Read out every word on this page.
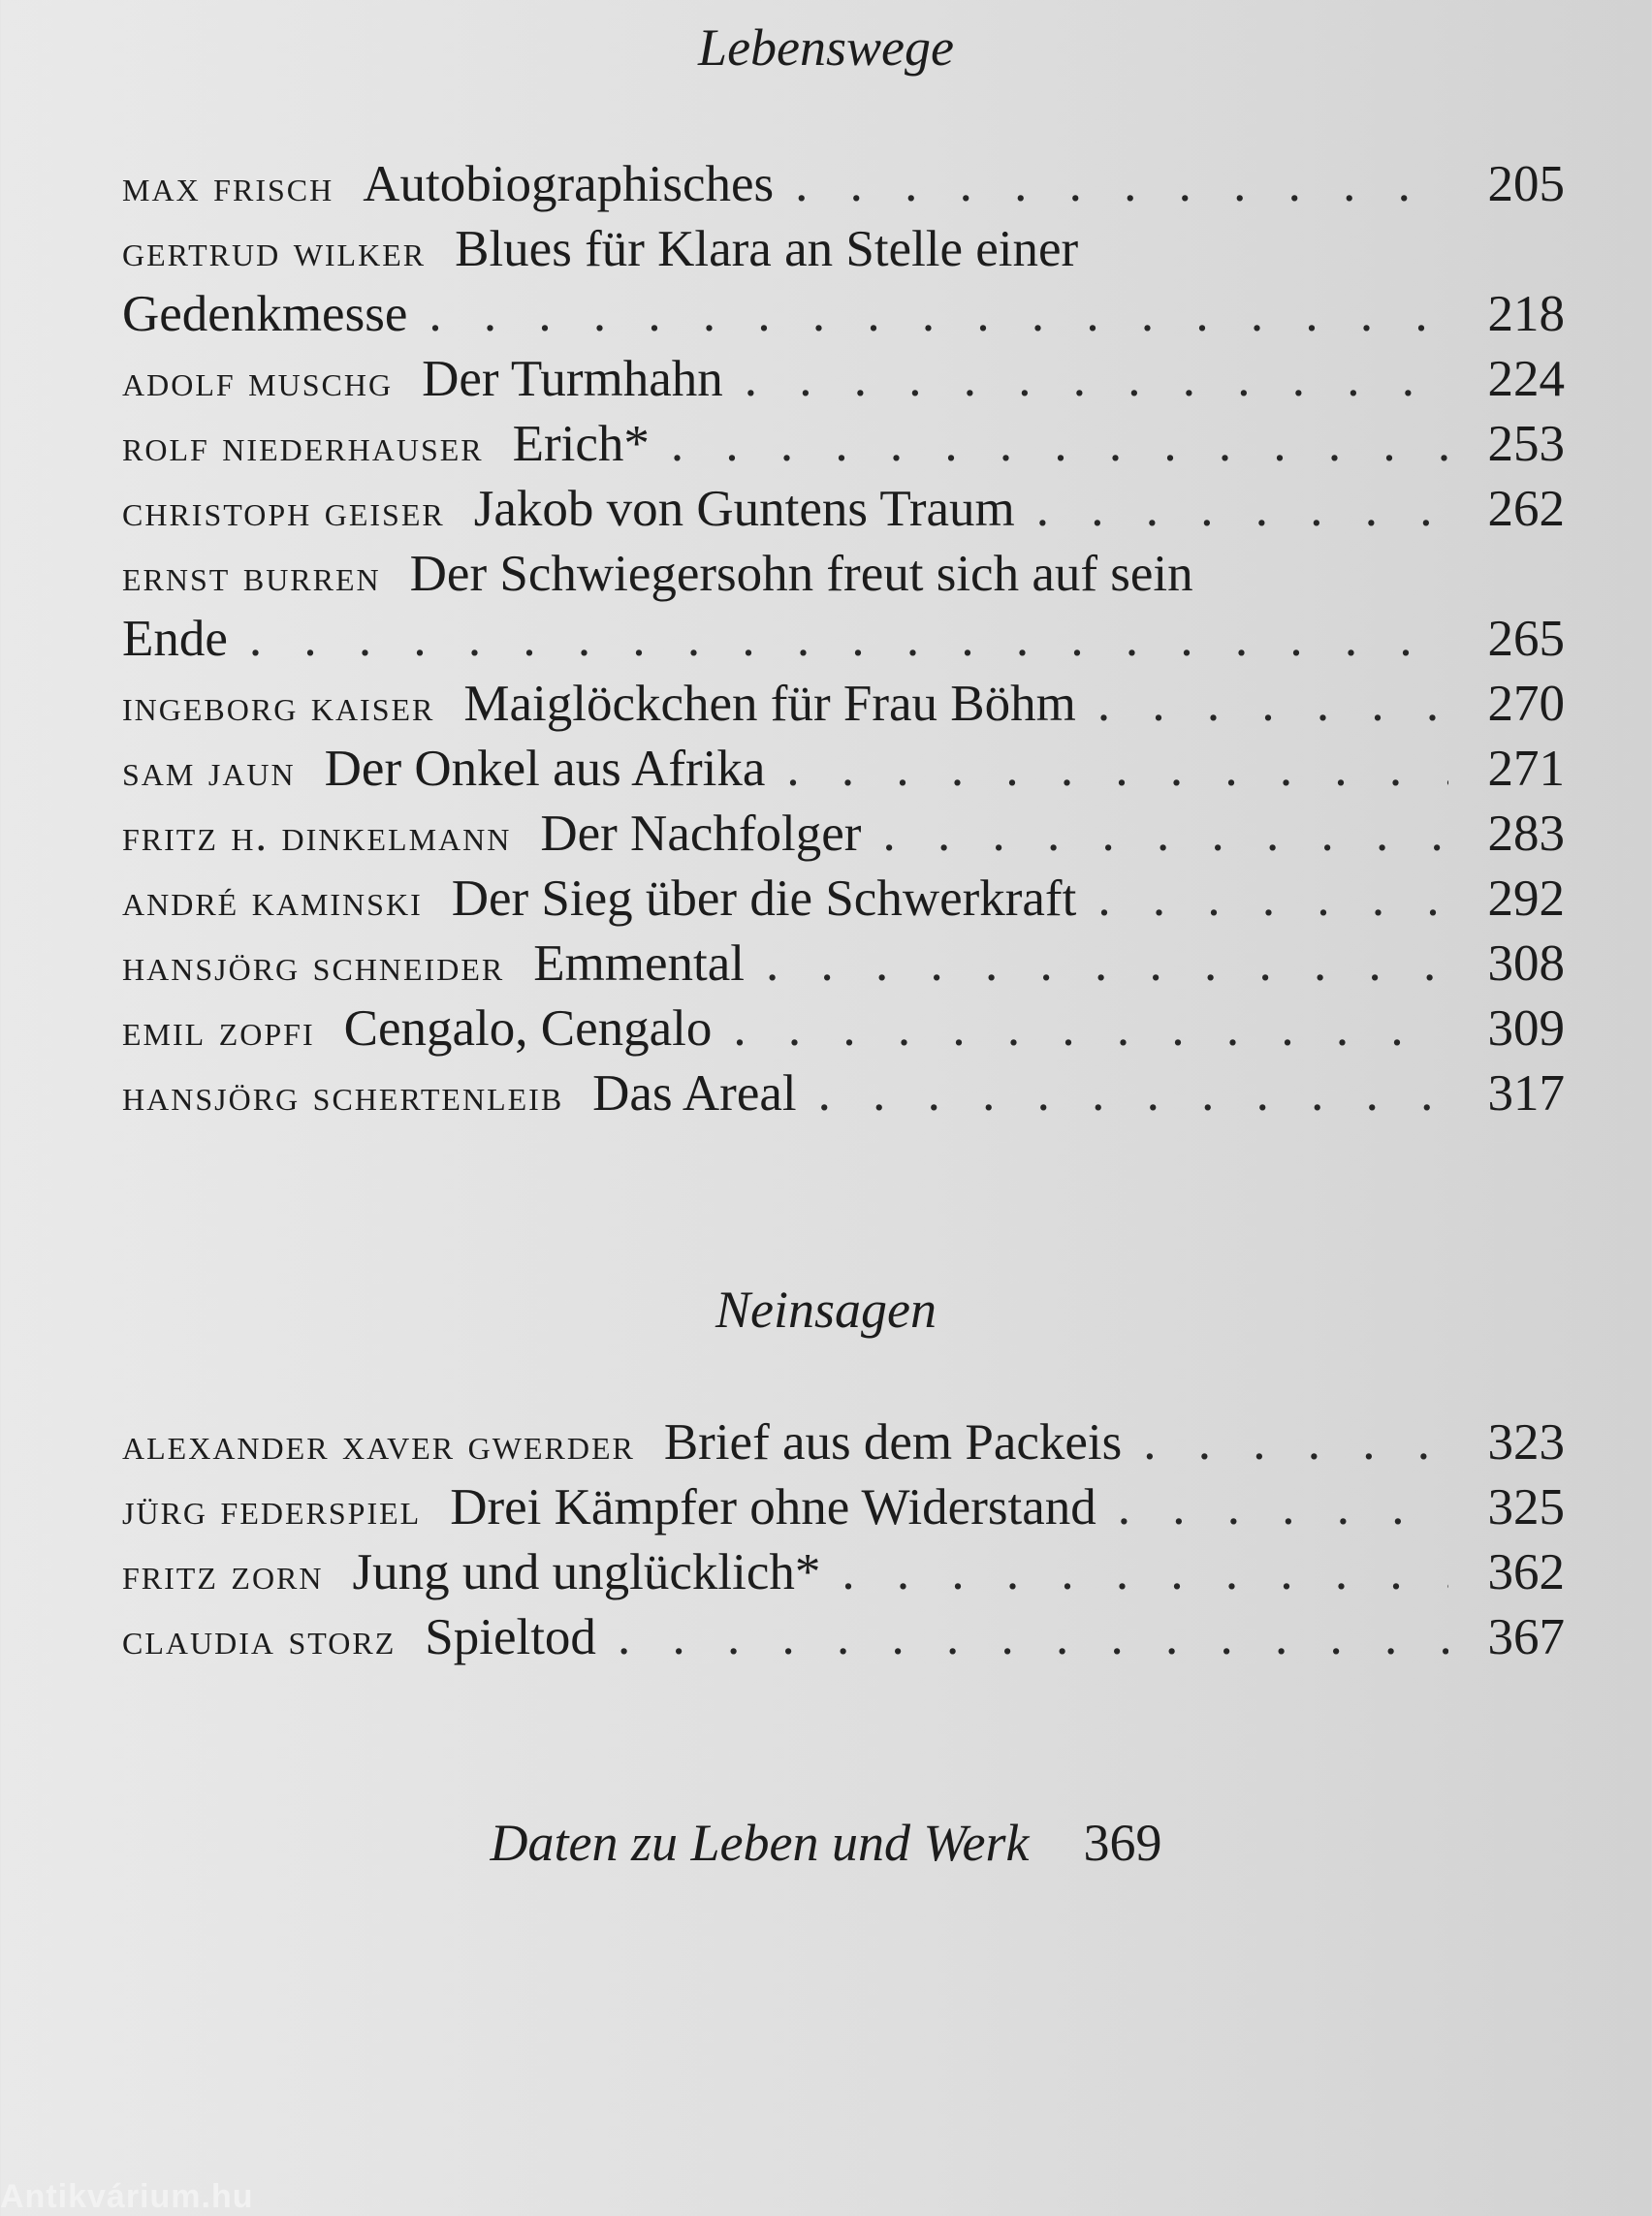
Lebenswege
max frisch Autobiographisches . . .	205
gertrud wilker Blues für Klara an Stelle einer
Gedenkmesse . . .	218
adolf muschg Der Turmhahn . . .	224
rolf niederhauser Erich* . . .	253
christoph geiser Jakob von Guntens Traum . . .	262
ernst burren Der Schwiegersohn freut sich auf sein
Ende . . .	265
ingeborg kaiser Maiglöckchen für Frau Böhm . . .	270
sam jaun Der Onkel aus Afrika . . .	271
fritz h. dinkelmann Der Nachfolger . . .	283
andré kaminski Der Sieg über die Schwerkraft . . .	292
hansjörg schneider Emmental . . .	308
emil zopfi Cengalo, Cengalo . . .	309
hansjörg schertenleib Das Areal . . .	317
Neinsagen
alexander xaver gwerder Brief aus dem Packeis . . .	323
jürg federspiel Drei Kämpfer ohne Widerstand . . .	325
fritz zorn Jung und unglücklich* . . .	362
claudia storz Spieltod . . .	367
Daten zu Leben und Werk 369
Antikvárium.hu
